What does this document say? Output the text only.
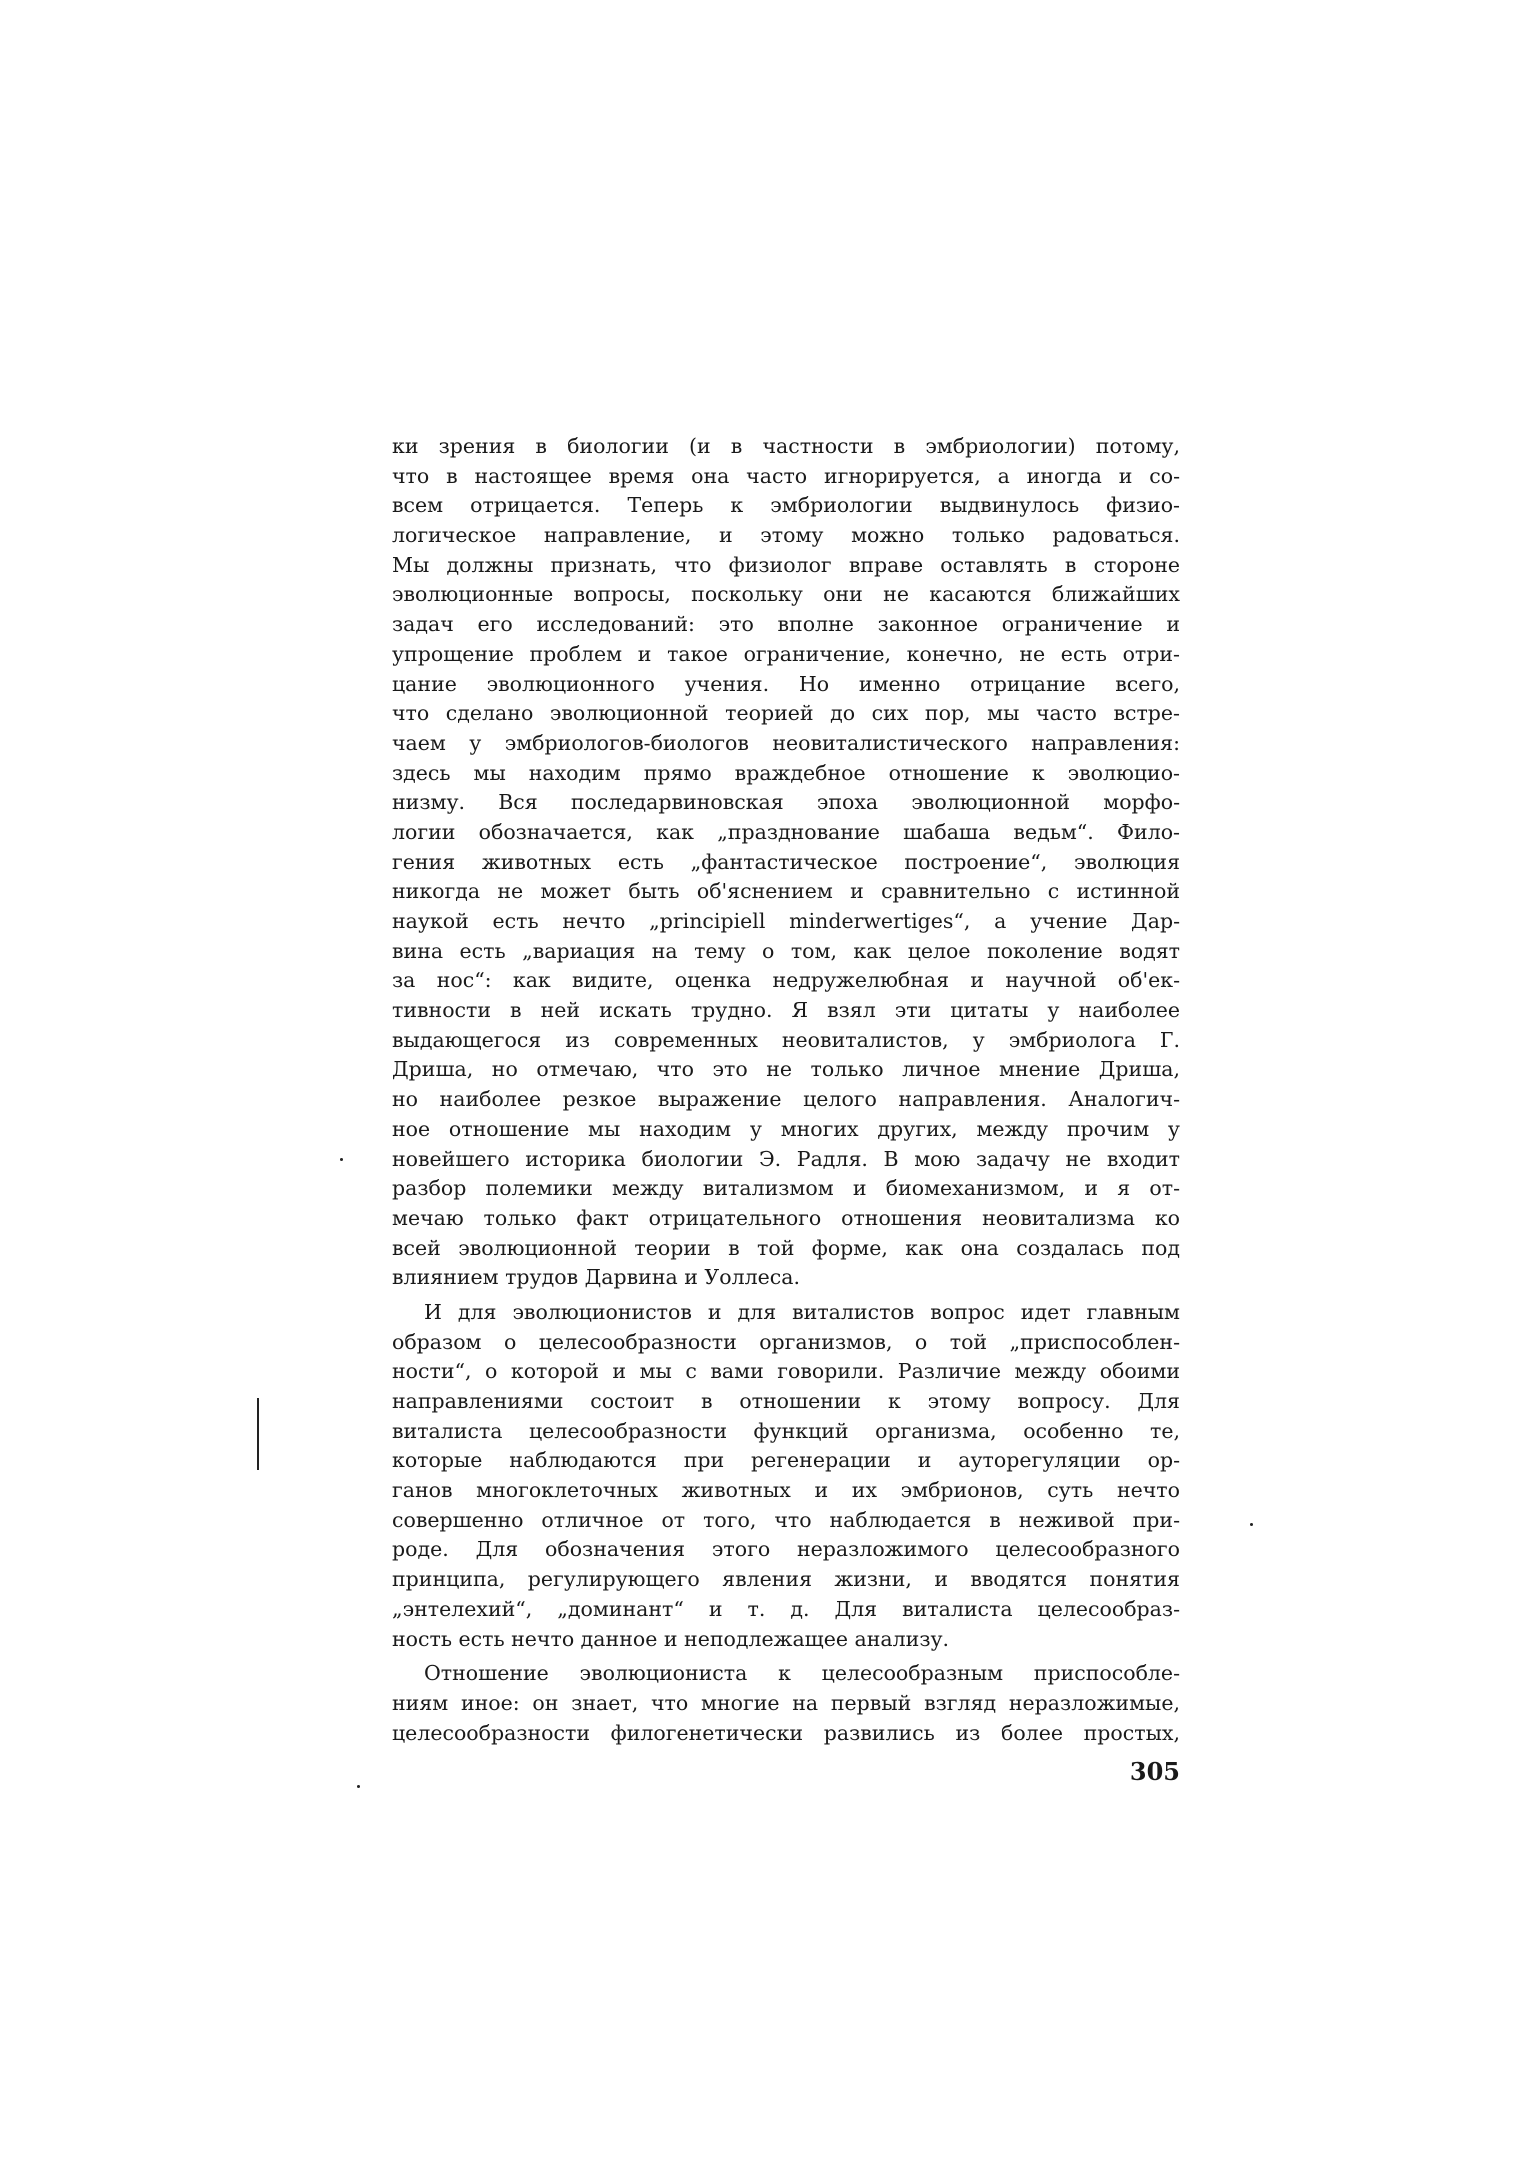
ки зрения в биологии (и в частности в эмбриологии) потому,
что в настоящее время она часто игнорируется, а иногда и со-
всем отрицается. Теперь к эмбриологии выдвинулось физио-
логическое направление, и этому можно только радоваться.
Мы должны признать, что физиолог вправе оставлять в стороне
эволюционные вопросы, поскольку они не касаются ближайших
задач его исследований: это вполне законное ограничение и
упрощение проблем и такое ограничение, конечно, не есть отри-
цание эволюционного учения. Но именно отрицание всего,
что сделано эволюционной теорией до сих пор, мы часто встре-
чаем у эмбриологов-биологов неовиталистического направления:
здесь мы находим прямо враждебное отношение к эволюцио-
низму. Вся последарвиновская эпоха эволюционной морфо-
логии обозначается, как „празднование шабаша ведьм“. Фило-
гения животных есть „фантастическое построение“, эволюция
никогда не может быть об'яснением и сравнительно с истинной
наукой есть нечто „principiell minderwertiges“, а учение Дар-
вина есть „вариация на тему о том, как целое поколение водят
за нос“: как видите, оценка недружелюбная и научной об'ек-
тивности в ней искать трудно. Я взял эти цитаты у наиболее
выдающегося из современных неовиталистов, у эмбриолога Г.
Дриша, но отмечаю, что это не только личное мнение Дриша,
но наиболее резкое выражение целого направления. Аналогич-
ное отношение мы находим у многих других, между прочим у
новейшего историка биологии Э. Радля. В мою задачу не входит
разбор полемики между витализмом и биомеханизмом, и я от-
мечаю только факт отрицательного отношения неовитализма ко
всей эволюционной теории в той форме, как она создалась под
влиянием трудов Дарвина и Уоллеса.
И для эволюционистов и для виталистов вопрос идет главным
образом о целесообразности организмов, о той „приспособлен-
ности“, о которой и мы с вами говорили. Различие между обоими
направлениями состоит в отношении к этому вопросу. Для
виталиста целесообразности функций организма, особенно те,
которые наблюдаются при регенерации и ауторегуляции ор-
ганов многоклеточных животных и их эмбрионов, суть нечто
совершенно отличное от того, что наблюдается в неживой при-
роде. Для обозначения этого неразложимого целесообразного
принципа, регулирующего явления жизни, и вводятся понятия
„энтелехий“, „доминант“ и т. д. Для виталиста целесообраз-
ность есть нечто данное и неподлежащее анализу.
Отношение эволюциониста к целесообразным приспособле-
ниям иное: он знает, что многие на первый взгляд неразложимые,
целесообразности филогенетически развились из более простых,
305
